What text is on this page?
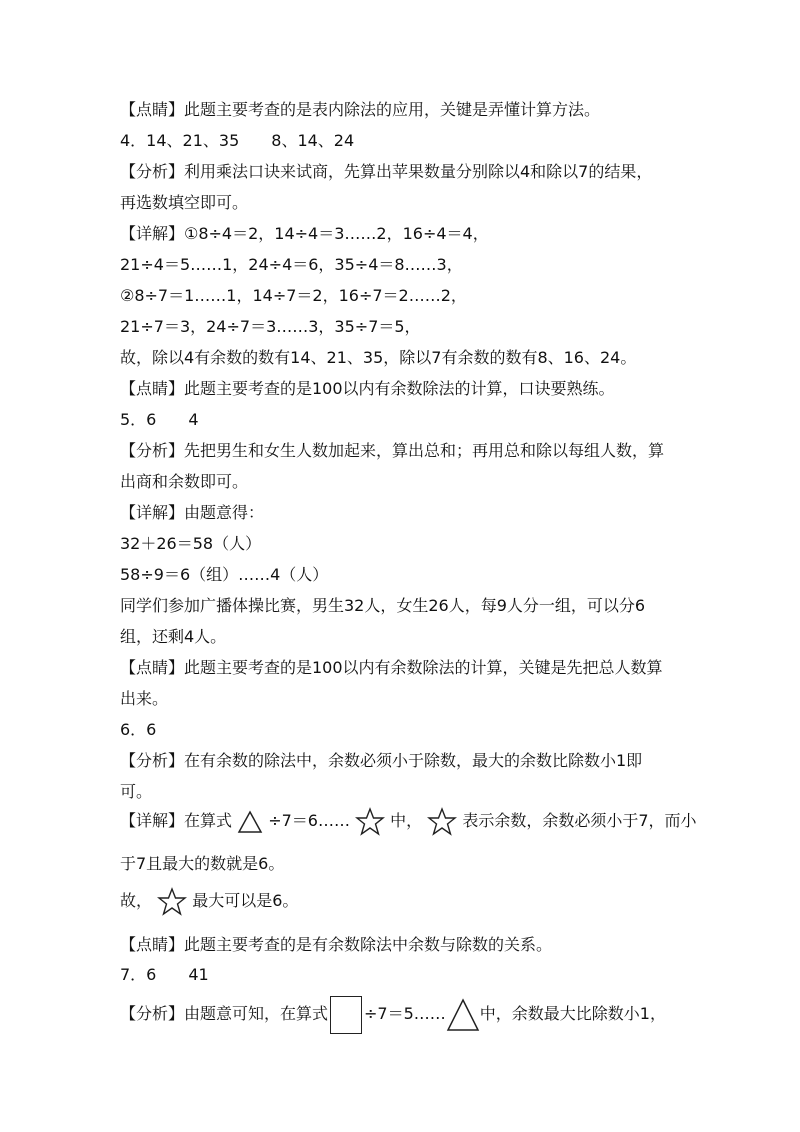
【点睛】此题主要考查的是表内除法的应用，关键是弄懂计算方法。
4．14、21、35　　8、14、24
【分析】利用乘法口诀来试商，先算出苹果数量分别除以4和除以7的结果，
再选数填空即可。
【详解】①8÷4＝2，14÷4＝3……2，16÷4＝4，
21÷4＝5……1，24÷4＝6，35÷4＝8……3，
②8÷7＝1……1，14÷7＝2，16÷7＝2……2，
21÷7＝3，24÷7＝3……3，35÷7＝5，
故，除以4有余数的数有14、21、35，除以7有余数的数有8、16、24。
【点睛】此题主要考查的是100以内有余数除法的计算，口诀要熟练。
5．6　　4
【分析】先把男生和女生人数加起来，算出总和；再用总和除以每组人数，算
出商和余数即可。
【详解】由题意得：
32＋26＝58（人）
58÷9＝6（组）……4（人）
同学们参加广播体操比赛，男生32人，女生26人，每9人分一组，可以分6
组，还剩4人。
【点睛】此题主要考查的是100以内有余数除法的计算，关键是先把总人数算
出来。
6．6
【分析】在有余数的除法中，余数必须小于除数，最大的余数比除数小1即
可。
【详解】在算式 ÷7＝6……	中，	表示余数，余数必须小于7，而小
于7且最大的数就是6。
故，	最大可以是6。
【点睛】此题主要考查的是有余数除法中余数与除数的关系。
7．6　　41
【分析】由题意可知，在算式 ÷7＝5…… 中，余数最大比除数小1，
